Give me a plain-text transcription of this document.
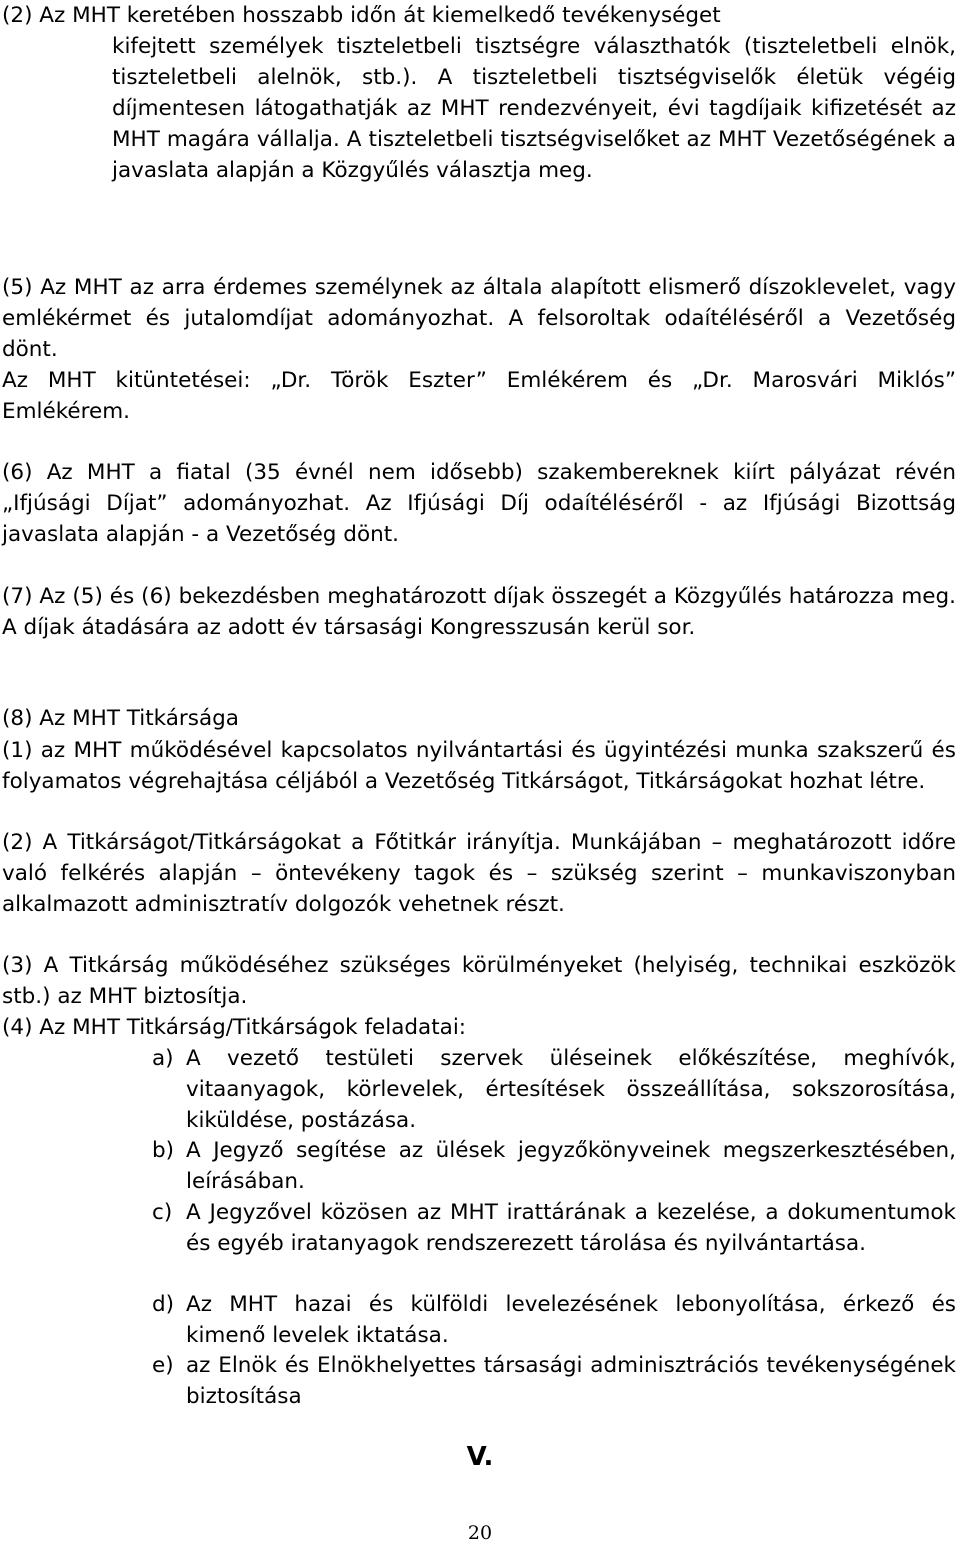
(2) Az MHT keretében hosszabb időn át kiemelkedő tevékenységet

kifejtett személyek tiszteletbeli tisztségre választhatók (tiszteletbeli elnök, tiszteletbeli alelnök, stb.). A tiszteletbeli tisztségviselők életük végéig díjmentesen látogathatják az MHT rendezvényeit, évi tagdíjaik kifizetését az MHT magára vállalja. A tiszteletbeli tisztségviselőket az MHT Vezetőségének a javaslata alapján a Közgyűlés választja meg.

(5) Az MHT az arra érdemes személynek az általa alapított elismerő díszoklevelet, vagy emlékérmet és jutalomdíjat adományozhat. A felsoroltak odaítéléséről a Vezetőség dönt.

Az MHT kitüntetései: „Dr. Török Eszter” Emlékérem és „Dr. Marosvári Miklós” Emlékérem.

(6) Az MHT a fiatal (35 évnél nem idősebb) szakembereknek kiírt pályázat révén „Ifjúsági Díjat” adományozhat. Az Ifjúsági Díj odaítéléséről - az Ifjúsági Bizottság javaslata alapján - a Vezetőség dönt.

(7) Az (5) és (6) bekezdésben meghatározott díjak összegét a Közgyűlés határozza meg. A díjak átadására az adott év társasági Kongresszusán kerül sor.

(8) Az MHT Titkársága

(1) az MHT működésével kapcsolatos nyilvántartási és ügyintézési munka szakszerű és folyamatos végrehajtása céljából a Vezetőség Titkárságot, Titkárságokat hozhat létre.

(2) A Titkárságot/Titkárságokat a Főtitkár irányítja. Munkájában – meghatározott időre való felkérés alapján – öntevékeny tagok és – szükség szerint – munkaviszonyban alkalmazott adminisztratív dolgozók vehetnek részt.

(3) A Titkárság működéséhez szükséges körülményeket (helyiség, technikai eszközök stb.) az MHT biztosítja.

(4) Az MHT Titkárság/Titkárságok feladatai:

a) A vezető testületi szervek üléseinek előkészítése, meghívók, vitaanyagok, körlevelek, értesítések összeállítása, sokszorosítása, kiküldése, postázása.

b) A Jegyző segítése az ülések jegyzőkönyveinek megszerkesztésében, leírásában.

c) A Jegyzővel közösen az MHT irattárának a kezelése, a dokumentumok és egyéb iratanyagok rendszerezett tárolása és nyilvántartása.

d) Az MHT hazai és külföldi levelezésének lebonyolítása, érkező és kimenő levelek iktatása.

e) az Elnök és Elnökhelyettes társasági adminisztrációs tevékenységének biztosítása

V.
20
